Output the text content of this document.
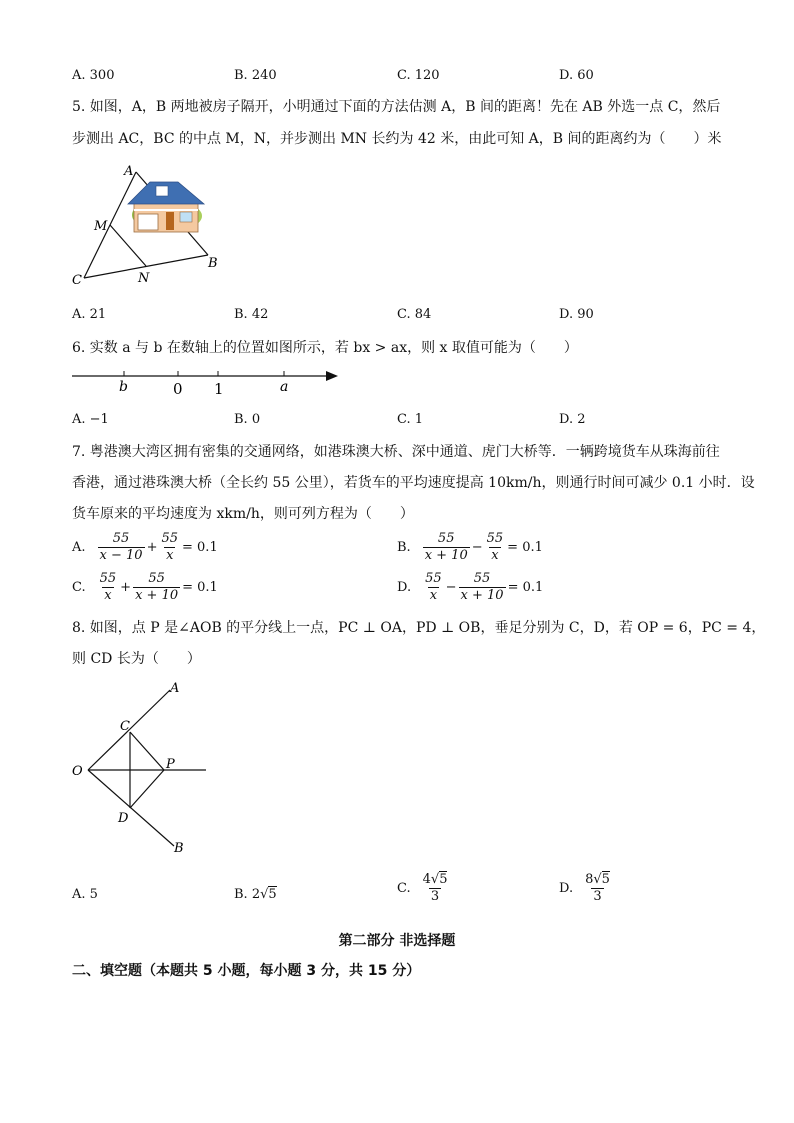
A. 300	B. 240	C. 120	D. 60
5. 如图，A，B 两地被房子隔开，小明通过下面的方法估测 A，B 间的距离！先在 AB 外选一点 C，然后
步测出 AC，BC 的中点 M，N，并步测出 MN 长约为 42 米，由此可知 A，B 间的距离约为（　　）米
A
M
C	N
B
A. 21	B. 42	C. 84	D. 90
6. 实数 a 与 b 在数轴上的位置如图所示，若 bx > ax，则 x 取值可能为（　　）
b	0 1	a
A. −1	B. 0	C. 1	D. 2
7. 粤港澳大湾区拥有密集的交通网络，如港珠澳大桥、深中通道、虎门大桥等．一辆跨境货车从珠海前往
香港，通过港珠澳大桥（全长约 55 公里），若货车的平均速度提高 10km/h，则通行时间可减少 0.1 小时．设
货车原来的平均速度为 xkm/h，则可列方程为（　　）
A. $\frac{55}{x - 10} + \frac{55}{x} = 0.1$	B. $\frac{55}{x + 10} - \frac{55}{x} = 0.1$
C. $\frac{55}{x} + \frac{55}{x + 10} = 0.1$	D. $\frac{55}{x} - \frac{55}{x + 10} = 0.1$
8. 如图，点 P 是∠AOB 的平分线上一点，PC ⊥ OA，PD ⊥ OB，垂足分别为 C，D，若 OP = 6，PC = 4，
则 CD 长为（　　）
A
C
O	P
D
B
A. 5	B. 2√5	C. $\frac{4√5}{3}$	D. $\frac{8√5}{3}$
第二部分 非选择题
二、填空题（本题共 5 小题，每小题 3 分，共 15 分）
